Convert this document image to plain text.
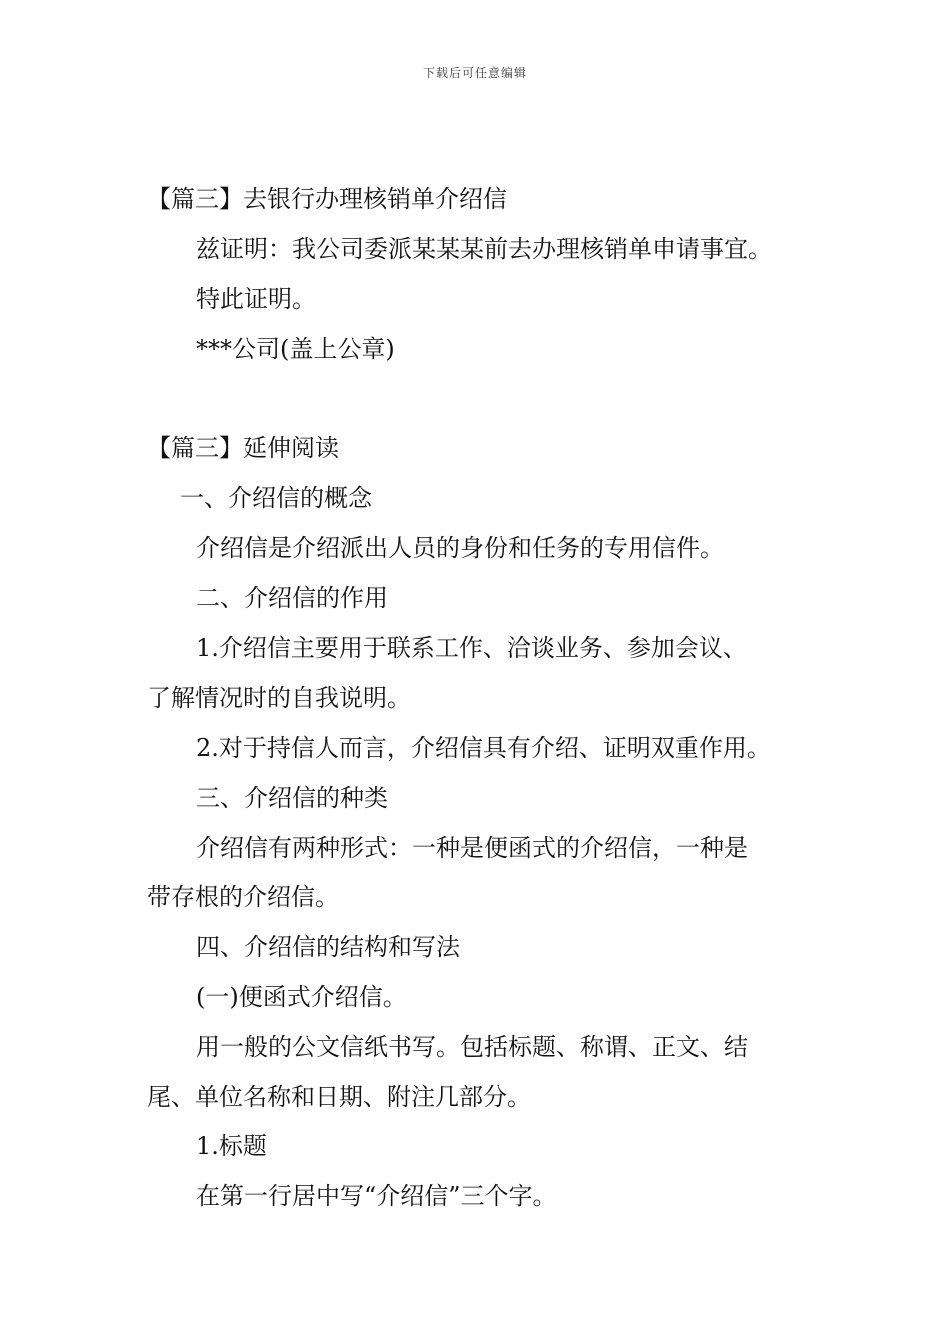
下载后可任意编辑
【篇三】去银行办理核销单介绍信
兹证明：我公司委派某某某前去办理核销单申请事宜。
特此证明。
***公司(盖上公章)
【篇三】延伸阅读
一、介绍信的概念
介绍信是介绍派出人员的身份和任务的专用信件。
二、介绍信的作用
1.介绍信主要用于联系工作、洽谈业务、参加会议、
了解情况时的自我说明。
2.对于持信人而言，介绍信具有介绍、证明双重作用。
三、介绍信的种类
介绍信有两种形式：一种是便函式的介绍信，一种是
带存根的介绍信。
四、介绍信的结构和写法
(一)便函式介绍信。
用一般的公文信纸书写。包括标题、称谓、正文、结
尾、单位名称和日期、附注几部分。
1.标题
在第一行居中写“介绍信”三个字。
